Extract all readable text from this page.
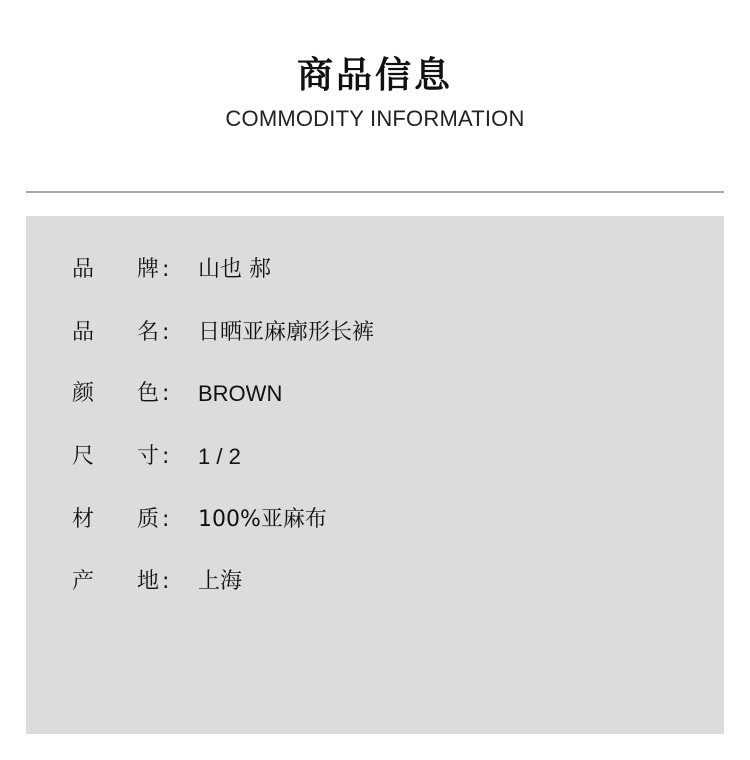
商品信息
COMMODITY INFORMATION
品	牌 :	山也 郝
品	名 :	日晒亚麻廓形长裤
颜	色 :	BROWN
尺	寸 :	1 / 2
材	质 :	100%亚麻布
产	地 :	上海
